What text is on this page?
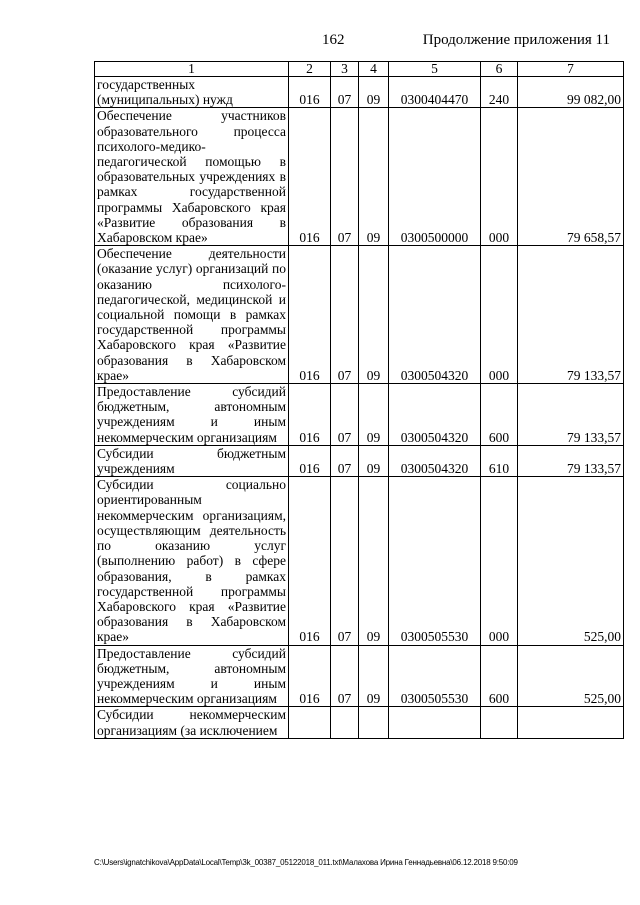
162	Продолжение приложения 11
1	2	3	4	5	6	7
государственных (муниципальных) нужд	016	07	09	0300404470	240	99 082,00
Обеспечение участников образовательного процесса психолого-медико-педагогической помощью в образовательных учреждениях в рамках государственной программы Хабаровского края «Развитие образования в Хабаровском крае»	016	07	09	0300500000	000	79 658,57
Обеспечение деятельности (оказание услуг) организаций по оказанию психолого-педагогической, медицинской и социальной помощи в рамках государственной программы Хабаровского края «Развитие образования в Хабаровском крае»	016	07	09	0300504320	000	79 133,57
Предоставление субсидий бюджетным, автономным учреждениям и иным некоммерческим организациям	016	07	09	0300504320	600	79 133,57
Субсидии бюджетным учреждениям	016	07	09	0300504320	610	79 133,57
Субсидии социально ориентированным некоммерческим организациям, осуществляющим деятельность по оказанию услуг (выполнению работ) в сфере образования, в рамках государственной программы Хабаровского края «Развитие образования в Хабаровском крае»	016	07	09	0300505530	000	525,00
Предоставление субсидий бюджетным, автономным учреждениям и иным некоммерческим организациям	016	07	09	0300505530	600	525,00
Субсидии некоммерческим организациям (за исключением						
C:\Users\ignatchikova\AppData\Local\Temp\3k_00387_05122018_011.txt\Малахова Ирина Геннадьевна\06.12.2018 9:50:09
